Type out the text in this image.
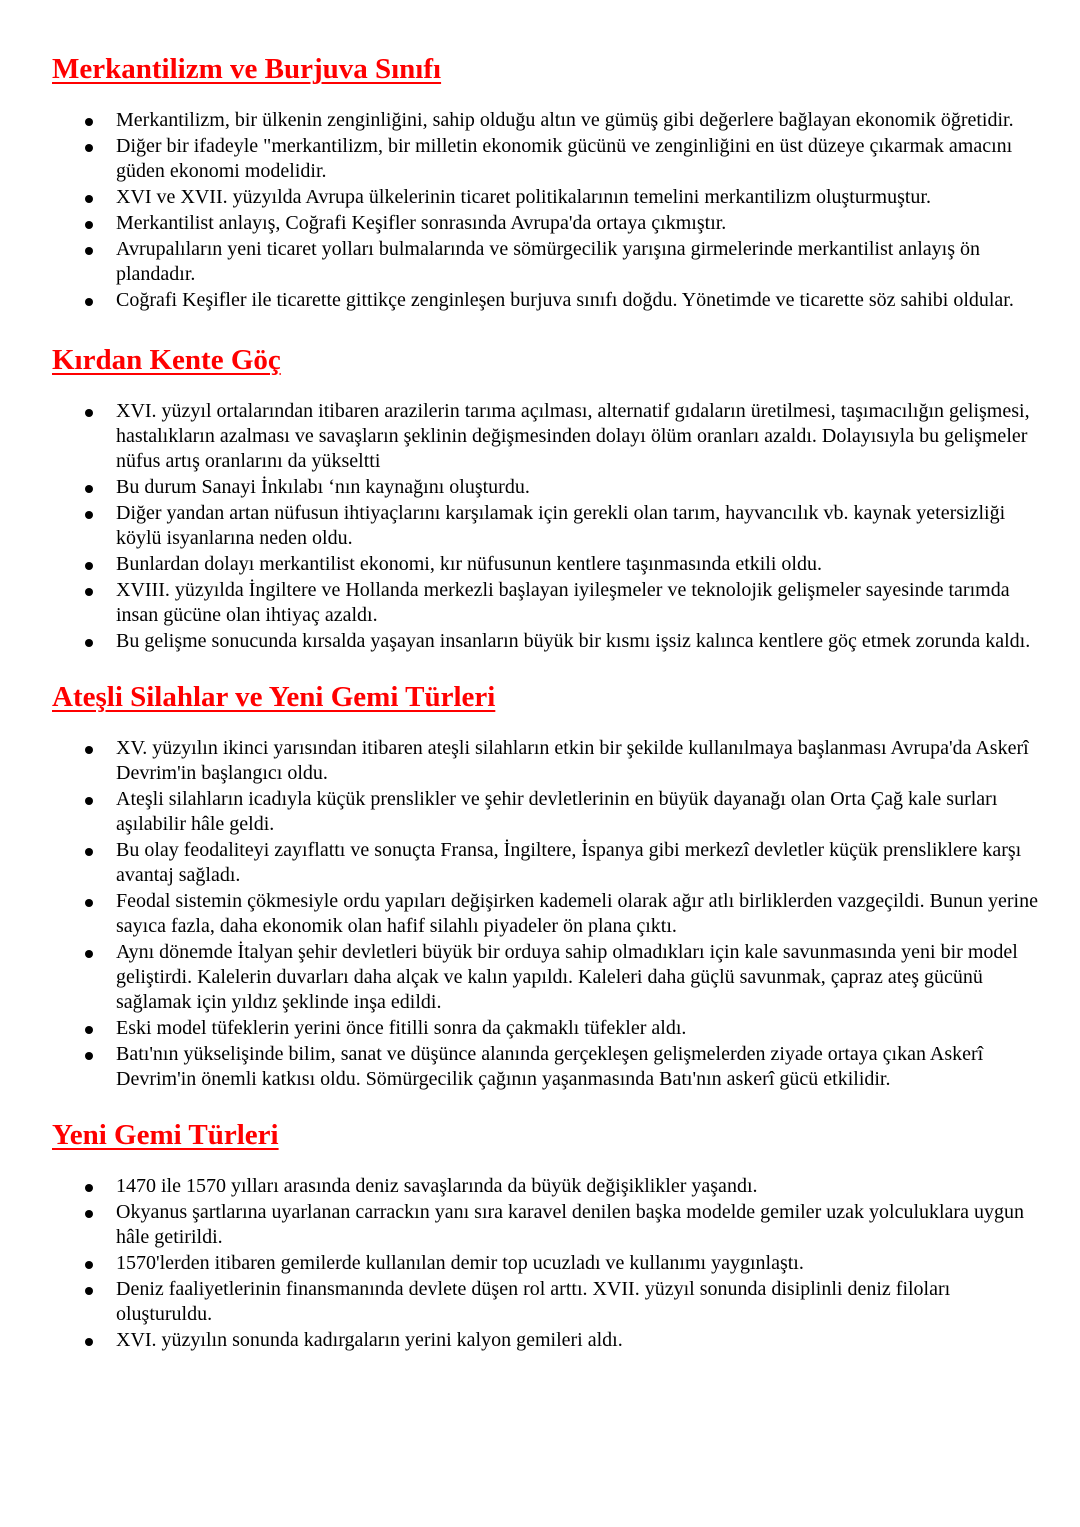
Merkantilizm ve Burjuva Sınıfı
Merkantilizm, bir ülkenin zenginliğini, sahip olduğu altın ve gümüş gibi değerlere bağlayan ekonomik öğretidir.
Diğer bir ifadeyle "merkantilizm, bir milletin ekonomik gücünü ve zenginliğini en üst düzeye çıkarmak amacını güden ekonomi modelidir.
XVI ve XVII. yüzyılda Avrupa ülkelerinin ticaret politikalarının temelini merkantilizm oluşturmuştur.
Merkantilist anlayış, Coğrafi Keşifler sonrasında Avrupa'da ortaya çıkmıştır.
Avrupalıların yeni ticaret yolları bulmalarında ve sömürgecilik yarışına girmelerinde merkantilist anlayış ön plandadır.
Coğrafi Keşifler ile ticarette gittikçe zenginleşen burjuva sınıfı doğdu. Yönetimde ve ticarette söz sahibi oldular.
Kırdan Kente Göç
XVI. yüzyıl ortalarından itibaren arazilerin tarıma açılması, alternatif gıdaların üretilmesi, taşımacılığın gelişmesi, hastalıkların azalması ve savaşların şeklinin değişmesinden dolayı ölüm oranları azaldı. Dolayısıyla bu gelişmeler nüfus artış oranlarını da yükseltti
Bu durum Sanayi İnkılabı ‘nın kaynağını oluşturdu.
Diğer yandan artan nüfusun ihtiyaçlarını karşılamak için gerekli olan tarım, hayvancılık vb. kaynak yetersizliği köylü isyanlarına neden oldu.
Bunlardan dolayı merkantilist ekonomi, kır nüfusunun kentlere taşınmasında etkili oldu.
XVIII. yüzyılda İngiltere ve Hollanda merkezli başlayan iyileşmeler ve teknolojik gelişmeler sayesinde tarımda insan gücüne olan ihtiyaç azaldı.
Bu gelişme sonucunda kırsalda yaşayan insanların büyük bir kısmı işsiz kalınca kentlere göç etmek zorunda kaldı.
Ateşli Silahlar ve Yeni Gemi Türleri
XV. yüzyılın ikinci yarısından itibaren ateşli silahların etkin bir şekilde kullanılmaya başlanması Avrupa'da Askerî Devrim'in başlangıcı oldu.
Ateşli silahların icadıyla küçük prenslikler ve şehir devletlerinin en büyük dayanağı olan Orta Çağ kale surları aşılabilir hâle geldi.
Bu olay feodaliteyi zayıflattı ve sonuçta Fransa, İngiltere, İspanya gibi merkezî devletler küçük prensliklere karşı avantaj sağladı.
Feodal sistemin çökmesiyle ordu yapıları değişirken kademeli olarak ağır atlı birliklerden vazgeçildi. Bunun yerine sayıca fazla, daha ekonomik olan hafif silahlı piyadeler ön plana çıktı.
Aynı dönemde İtalyan şehir devletleri büyük bir orduya sahip olmadıkları için kale savunmasında yeni bir model geliştirdi. Kalelerin duvarları daha alçak ve kalın yapıldı. Kaleleri daha güçlü savunmak, çapraz ateş gücünü sağlamak için yıldız şeklinde inşa edildi.
Eski model tüfeklerin yerini önce fitilli sonra da çakmaklı tüfekler aldı.
Batı'nın yükselişinde bilim, sanat ve düşünce alanında gerçekleşen gelişmelerden ziyade ortaya çıkan Askerî Devrim'in önemli katkısı oldu. Sömürgecilik çağının yaşanmasında Batı'nın askerî gücü etkilidir.
Yeni Gemi Türleri
1470 ile 1570 yılları arasında deniz savaşlarında da büyük değişiklikler yaşandı.
Okyanus şartlarına uyarlanan carrackın yanı sıra karavel denilen başka modelde gemiler uzak yolculuklara uygun hâle getirildi.
1570'lerden itibaren gemilerde kullanılan demir top ucuzladı ve kullanımı yaygınlaştı.
Deniz faaliyetlerinin finansmanında devlete düşen rol arttı. XVII. yüzyıl sonunda disiplinli deniz filoları oluşturuldu.
XVI. yüzyılın sonunda kadırgaların yerini kalyon gemileri aldı.
